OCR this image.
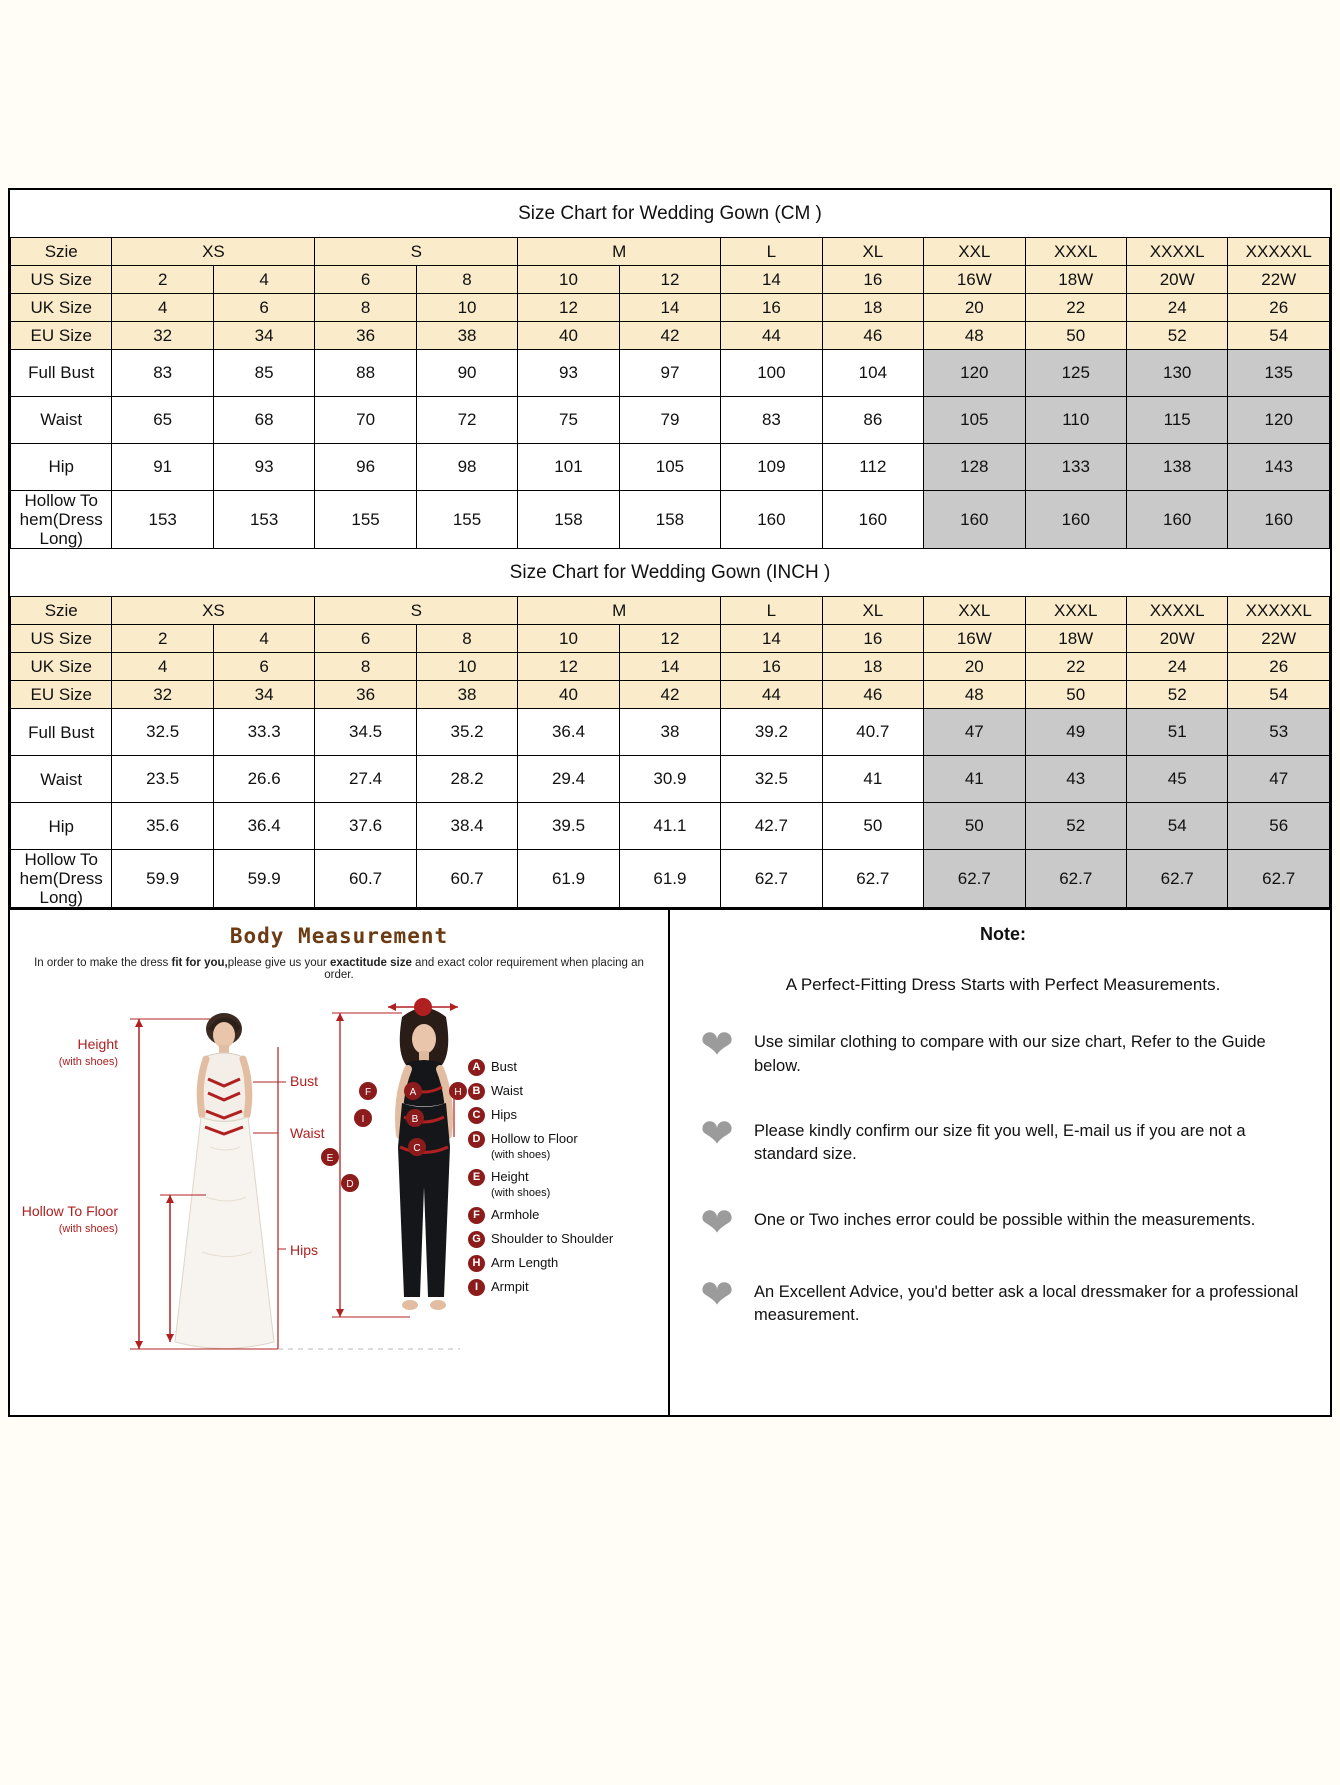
Size Chart for Wedding Gown (CM )
Szie	XS		S		M		L	XL	XXL	XXXL	XXXXL	XXXXXL
US Size	2	4	6	8	10	12	14	16	16W	18W	20W	22W
UK Size	4	6	8	10	12	14	16	18	20	22	24	26
EU Size	32	34	36	38	40	42	44	46	48	50	52	54
Full Bust	83	85	88	90	93	97	100	104	120	125	130	135
Waist	65	68	70	72	75	79	83	86	105	110	115	120
Hip	91	93	96	98	101	105	109	112	128	133	138	143

Hollow To
hem(Dress Long)	153	153	155	155	158	158	160	160	160	160	160	160
Size Chart for Wedding Gown (INCH )
Szie	XS		S		M		L	XL	XXL	XXXL	XXXXL	XXXXXL
US Size	2	4	6	8	10	12	14	16	16W	18W	20W	22W
UK Size	4	6	8	10	12	14	16	18	20	22	24	26
EU Size	32	34	36	38	40	42	44	46	48	50	52	54
Full Bust	32.5	33.3	34.5	35.2	36.4	38	39.2	40.7	47	49	51	53
Waist	23.5	26.6	27.4	28.2	29.4	30.9	32.5	41	41	43	45	47
Hip	35.6	36.4	37.6	38.4	39.5	41.1	42.7	50	50	52	54	56

Hollow To
hem(Dress Long)	59.9	59.9	60.7	60.7	61.9	61.9	62.7	62.7	62.7	62.7	62.7	62.7
Body Measurement
In order to make the dress fit for you,please give us your exactitude size and exact color requirement when placing an order.
F
I
A
B
C
H
E
D
Height
(with shoes)
Hollow To Floor
(with shoes)
Bust
Waist
Hips
A Bust
B Waist
C Hips
D Hollow to Floor
(with shoes)
E Height
(with shoes)
F Armhole
G Shoulder to Shoulder
H Arm Length
I Armpit
Note:
A Perfect-Fitting Dress Starts with Perfect Measurements.
❤	Use similar clothing to compare with our size chart, Refer to the Guide below.
❤	Please kindly confirm our size fit you well, E-mail us if you are not a standard size.
❤	One or Two inches error could be possible within the measurements.
❤	An Excellent Advice, you'd better ask a local dressmaker for a professional measurement.
